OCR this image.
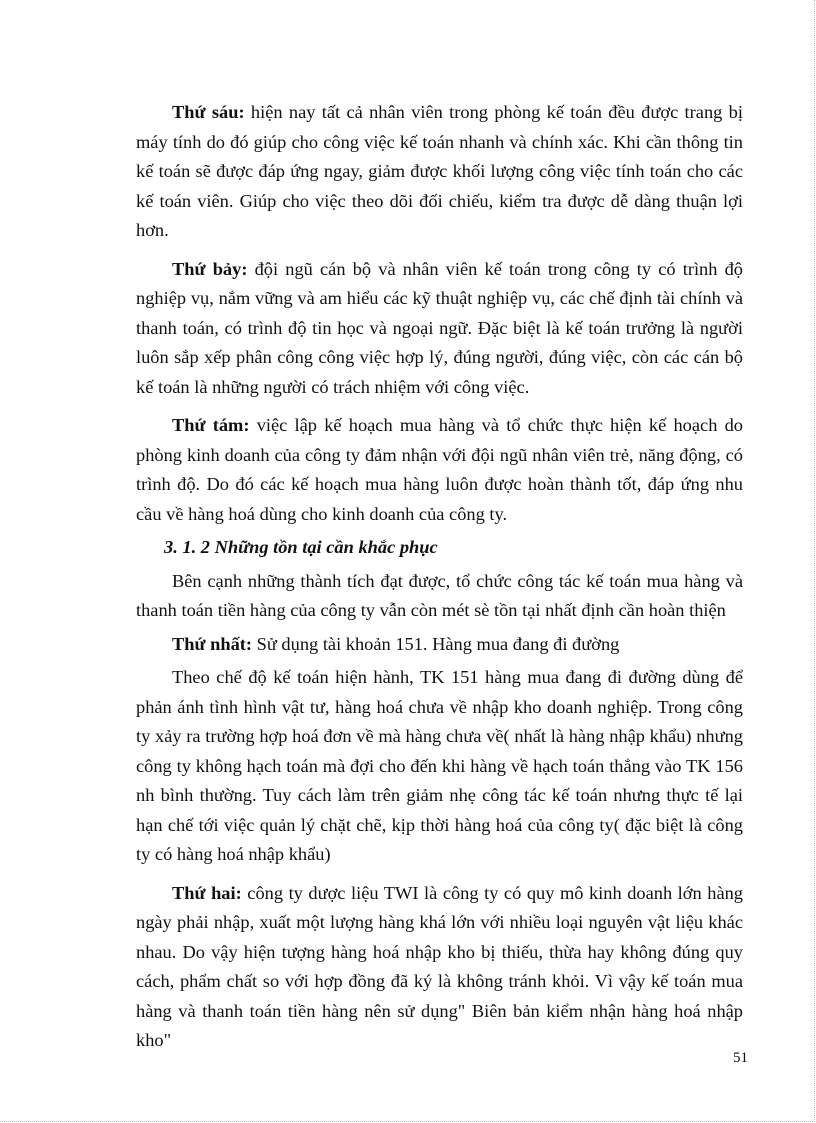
Thứ sáu: hiện nay tất cả nhân viên trong phòng kế toán đều được trang bị máy tính do đó giúp cho công việc kế toán nhanh và chính xác. Khi cần thông tin kế toán sẽ được đáp ứng ngay, giảm được khối lượng công việc tính toán cho các kế toán viên. Giúp cho việc theo dõi đối chiếu, kiểm tra được dễ dàng thuận lợi hơn.

Thứ bảy: đội ngũ cán bộ và nhân viên kế toán trong công ty có trình độ nghiệp vụ, nắm vững và am hiểu các kỹ thuật nghiệp vụ, các chế định tài chính và thanh toán, có trình độ tin học và ngoại ngữ. Đặc biệt là kế toán trưởng là người luôn sắp xếp phân công công việc hợp lý, đúng người, đúng việc, còn các cán bộ kế toán là những người có trách nhiệm với công việc.

Thứ tám: việc lập kế hoạch mua hàng và tổ chức thực hiện kế hoạch do phòng kinh doanh của công ty đảm nhận với đội ngũ nhân viên trẻ, năng động, có trình độ. Do đó các kế hoạch mua hàng luôn được hoàn thành tốt, đáp ứng nhu cầu về hàng hoá dùng cho kinh doanh của công ty.

3. 1. 2 Những tồn tại cần khắc phục

Bên cạnh những thành tích đạt được, tổ chức công tác kế toán mua hàng và thanh toán tiền hàng của công ty vẫn còn mét sè tồn tại nhất định cần hoàn thiện

Thứ nhất: Sử dụng tài khoản 151. Hàng mua đang đi đường

Theo chế độ kế toán hiện hành, TK 151 hàng mua đang đi đường dùng để phản ánh tình hình vật tư, hàng hoá chưa về nhập kho doanh nghiệp. Trong công ty xảy ra trường hợp hoá đơn về mà hàng chưa về( nhất là hàng nhập khẩu) nhưng công ty không hạch toán mà đợi cho đến khi hàng về hạch toán thẳng vào TK 156 nh bình thường. Tuy cách làm trên giảm nhẹ công tác kế toán nhưng thực tế lại hạn chế tới việc quản lý chặt chẽ, kịp thời hàng hoá của công ty( đặc biệt là công ty có hàng hoá nhập khẩu)

Thứ hai: công ty dược liệu TWI là công ty có quy mô kinh doanh lớn hàng ngày phải nhập, xuất một lượng hàng khá lớn với nhiều loại nguyên vật liệu khác nhau. Do vậy hiện tượng hàng hoá nhập kho bị thiếu, thừa hay không đúng quy cách, phẩm chất so với hợp đồng đã ký là không tránh khỏi. Vì vậy kế toán mua hàng và thanh toán tiền hàng nên sử dụng" Biên bản kiểm nhận hàng hoá nhập kho"

51
